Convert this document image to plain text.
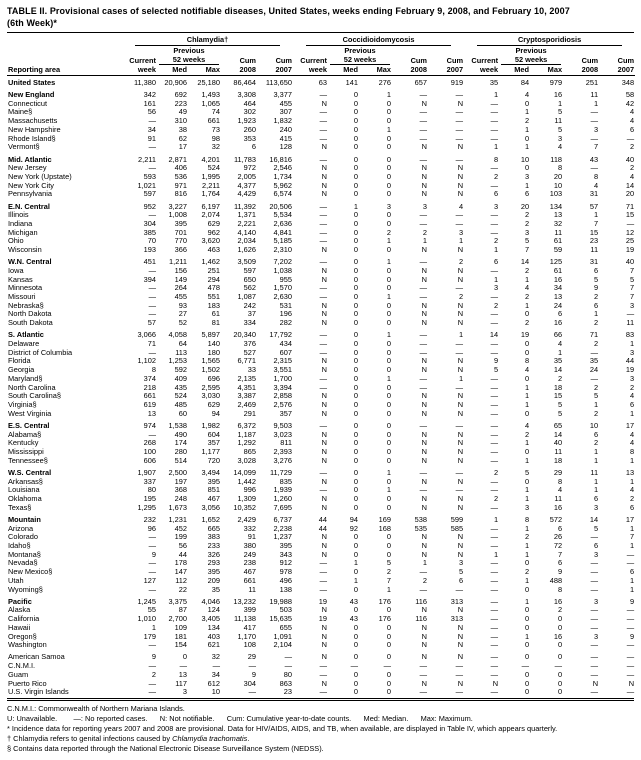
TABLE II. Provisional cases of selected notifiable diseases, United States, weeks ending February 9, 2008, and February 10, 2007
(6th Week)*

	Chlamydia†					Coccidioidomycosis					Cryptosporidiosis				

		Previous					Previous					Previous			
	Current	52 weeks		Cum	Cum	Current	52 weeks		Cum	Cum	Current	52 weeks		Cum	Cum
Reporting area	week	Med	Max	2008	2007	week	Med	Max	2008	2007	week	Med	Max	2008	2007
United States	11,380	20,906	25,180	86,464	113,650	63	141	276	657	919	35	84	979	251	348
New England	342	692	1,493	3,308	3,377	—	0	1	—	—	1	4	16	11	58
Connecticut	161	223	1,065	464	455	N	0	0	N	N	—	0	1	1	42
Maine§	56	49	74	302	307	—	0	0	—	—	—	1	5	—	4
Massachusetts	—	310	661	1,923	1,832	—	0	0	—	—	—	2	11	—	4
New Hampshire	34	38	73	260	240	—	0	1	—	—	—	1	5	3	6
Rhode Island§	91	62	98	353	415	—	0	0	—	—	—	0	3	—	—
Vermont§	—	17	32	6	128	N	0	0	N	N	1	1	4	7	2
Mid. Atlantic	2,211	2,871	4,201	11,783	16,816	—	0	0	—	—	8	10	118	43	40
New Jersey	—	406	524	972	2,546	N	0	0	N	N	—	0	8	—	2
New York (Upstate)	593	536	1,995	2,005	1,734	N	0	0	N	N	2	3	20	8	4
New York City	1,021	971	2,211	4,377	5,962	N	0	0	N	N	—	1	10	4	14
Pennsylvania	597	816	1,764	4,429	6,574	N	0	0	N	N	6	6	103	31	20
E.N. Central	952	3,227	6,197	11,392	20,506	—	1	3	3	4	3	20	134	57	71
Illinois	—	1,008	2,074	1,371	5,534	—	0	0	—	—	—	2	13	1	15
Indiana	304	395	629	2,221	2,636	—	0	0	—	—	—	2	32	7	—
Michigan	385	701	962	4,140	4,841	—	0	2	2	3	—	3	11	15	12
Ohio	70	770	3,620	2,034	5,185	—	0	1	1	1	2	5	61	23	25
Wisconsin	193	366	463	1,626	2,310	N	0	0	N	N	1	7	59	11	19
W.N. Central	451	1,211	1,462	3,509	7,202	—	0	1	—	2	6	14	125	31	40
Iowa	—	156	251	597	1,038	N	0	0	N	N	—	2	61	6	7
Kansas	394	149	294	650	955	N	0	0	N	N	1	1	16	5	5
Minnesota	—	264	478	562	1,570	—	0	0	—	—	3	4	34	9	7
Missouri	—	455	551	1,087	2,630	—	0	1	—	2	—	2	13	2	7
Nebraska§	—	93	183	242	531	N	0	0	N	N	2	1	24	6	3
North Dakota	—	27	61	37	196	N	0	0	N	N	—	0	6	1	—
South Dakota	57	52	81	334	282	N	0	0	N	N	—	2	16	2	11
S. Atlantic	3,066	4,058	5,897	20,340	17,792	—	0	1	—	1	14	19	66	71	83
Delaware	71	64	140	376	434	—	0	0	—	—	—	0	4	2	1
District of Columbia	—	113	180	527	607	—	0	0	—	—	—	0	1	—	3
Florida	1,102	1,253	1,565	6,771	2,315	N	0	0	N	N	9	8	35	35	44
Georgia	8	592	1,502	33	3,551	N	0	0	N	N	5	4	14	24	19
Maryland§	374	409	696	2,135	1,700	—	0	1	—	1	—	0	2	—	3
North Carolina	218	435	2,595	4,351	3,394	—	0	0	—	—	—	1	18	2	2
South Carolina§	661	524	3,030	3,387	2,858	N	0	0	N	N	—	1	15	5	4
Virginia§	619	485	629	2,469	2,576	N	0	0	N	N	—	1	5	1	6
West Virginia	13	60	94	291	357	N	0	0	N	N	—	0	5	2	1
E.S. Central	974	1,538	1,982	6,372	9,503	—	0	0	—	—	—	4	65	10	17
Alabama§	—	490	604	1,187	3,023	N	0	0	N	N	—	2	14	6	4
Kentucky	268	174	357	1,292	811	N	0	0	N	N	—	1	40	2	4
Mississippi	100	280	1,177	865	2,393	N	0	0	N	N	—	0	11	1	8
Tennessee§	606	514	720	3,028	3,276	N	0	0	N	N	—	1	18	1	1
W.S. Central	1,907	2,500	3,494	14,099	11,729	—	0	1	—	—	2	5	29	11	13
Arkansas§	337	197	395	1,442	835	N	0	0	N	N	—	0	8	1	1
Louisiana	80	368	851	996	1,939	—	0	1	—	—	—	1	4	1	4
Oklahoma	195	248	467	1,309	1,260	N	0	0	N	N	2	1	11	6	2
Texas§	1,295	1,673	3,056	10,352	7,695	N	0	0	N	N	—	3	16	3	6
Mountain	232	1,231	1,652	2,429	6,737	44	94	169	538	599	1	8	572	14	17
Arizona	96	452	665	332	2,238	44	92	168	535	585	—	1	6	5	1
Colorado	—	199	383	91	1,237	N	0	0	N	N	—	2	26	—	7
Idaho§	—	56	233	380	395	N	0	0	N	N	—	1	72	6	1
Montana§	9	44	326	249	343	N	0	0	N	N	1	1	7	3	—
Nevada§	—	178	293	238	912	—	1	5	1	3	—	0	6	—	—
New Mexico§	—	147	395	467	978	—	0	2	—	5	—	2	9	—	6
Utah	127	112	209	661	496	—	1	7	2	6	—	1	488	—	1
Wyoming§	—	22	35	11	138	—	0	1	—	—	—	0	8	—	1
Pacific	1,245	3,375	4,046	13,232	19,988	19	43	176	116	313	—	1	16	3	9
Alaska	55	87	124	399	503	N	0	0	N	N	—	0	2	—	—
California	1,010	2,700	3,405	11,138	15,635	19	43	176	116	313	—	0	0	—	—
Hawaii	1	109	134	417	655	N	0	0	N	N	—	0	0	—	—
Oregon§	179	181	403	1,170	1,091	N	0	0	N	N	—	1	16	3	9
Washington	—	154	621	108	2,104	N	0	0	N	N	—	0	0	—	—
American Samoa	9	0	32	29	—	N	0	0	N	N	—	0	0	—	—
C.N.M.I.	—	—	—	—	—	—	—	—	—	—	—	—	—	—	—
Guam	2	13	34	9	80	—	0	0	—	—	—	0	0	—	—
Puerto Rico	—	117	612	304	863	N	0	0	N	N	N	0	0	N	N
U.S. Virgin Islands	—	3	10	—	23	—	0	0	—	—	—	0	0	—	—
C.N.M.I.: Commonwealth of Northern Mariana Islands.
U: Unavailable.        —: No reported cases.      N: Not notifiable.      Cum: Cumulative year-to-date counts.      Med: Median.      Max: Maximum.
* Incidence data for reporting years 2007 and 2008 are provisional. Data for HIV/AIDS, AIDS, and TB, when available, are displayed in Table IV, which appears quarterly.
† Chlamydia refers to genital infections caused by Chlamydia trachomatis.
§ Contains data reported through the National Electronic Disease Surveillance System (NEDSS).
